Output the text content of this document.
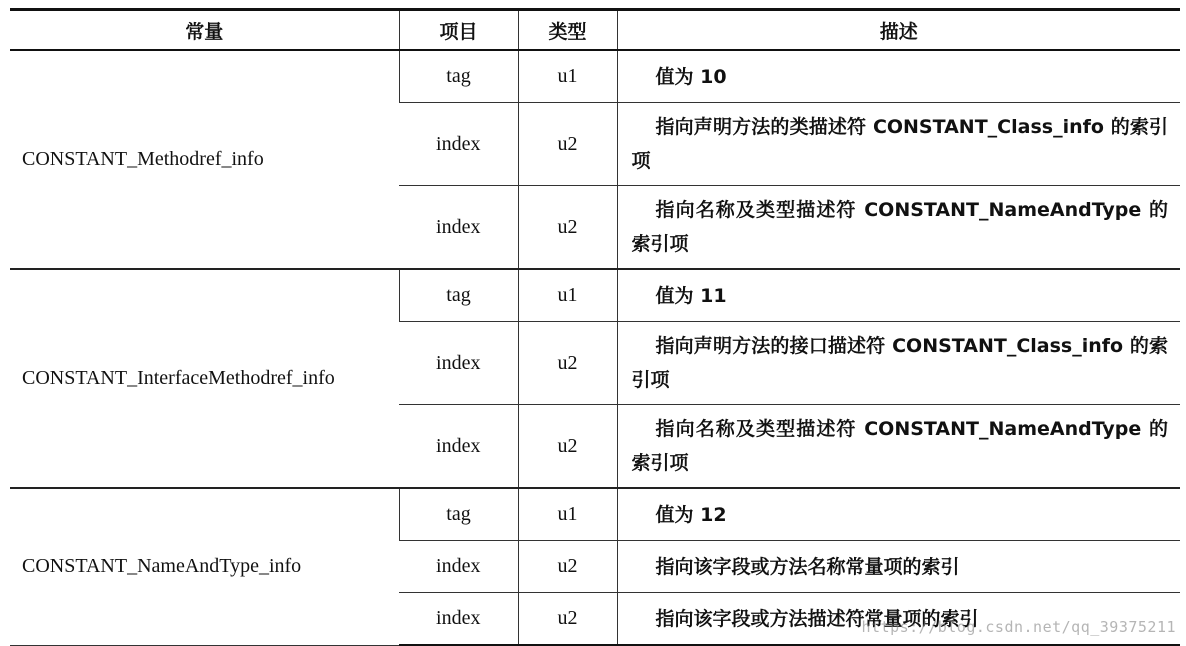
常量	项目	类型	描述
CONSTANT_Methodref_info	tag	u1	值为 10

	index	u2	指向声明方法的类描述符 CONSTANT_Class_info 的索引项

	index	u2	指向名称及类型描述符 CONSTANT_NameAndType 的索引项

CONSTANT_InterfaceMethodref_info	tag	u1	值为 11

	index	u2	指向声明方法的接口描述符 CONSTANT_Class_info 的索引项

	index	u2	指向名称及类型描述符 CONSTANT_NameAndType 的索引项

CONSTANT_NameAndType_info	tag	u1	值为 12

	index	u2	指向该字段或方法名称常量项的索引

	index	u2	指向该字段或方法描述符常量项的索引
https://blog.csdn.net/qq_39375211
